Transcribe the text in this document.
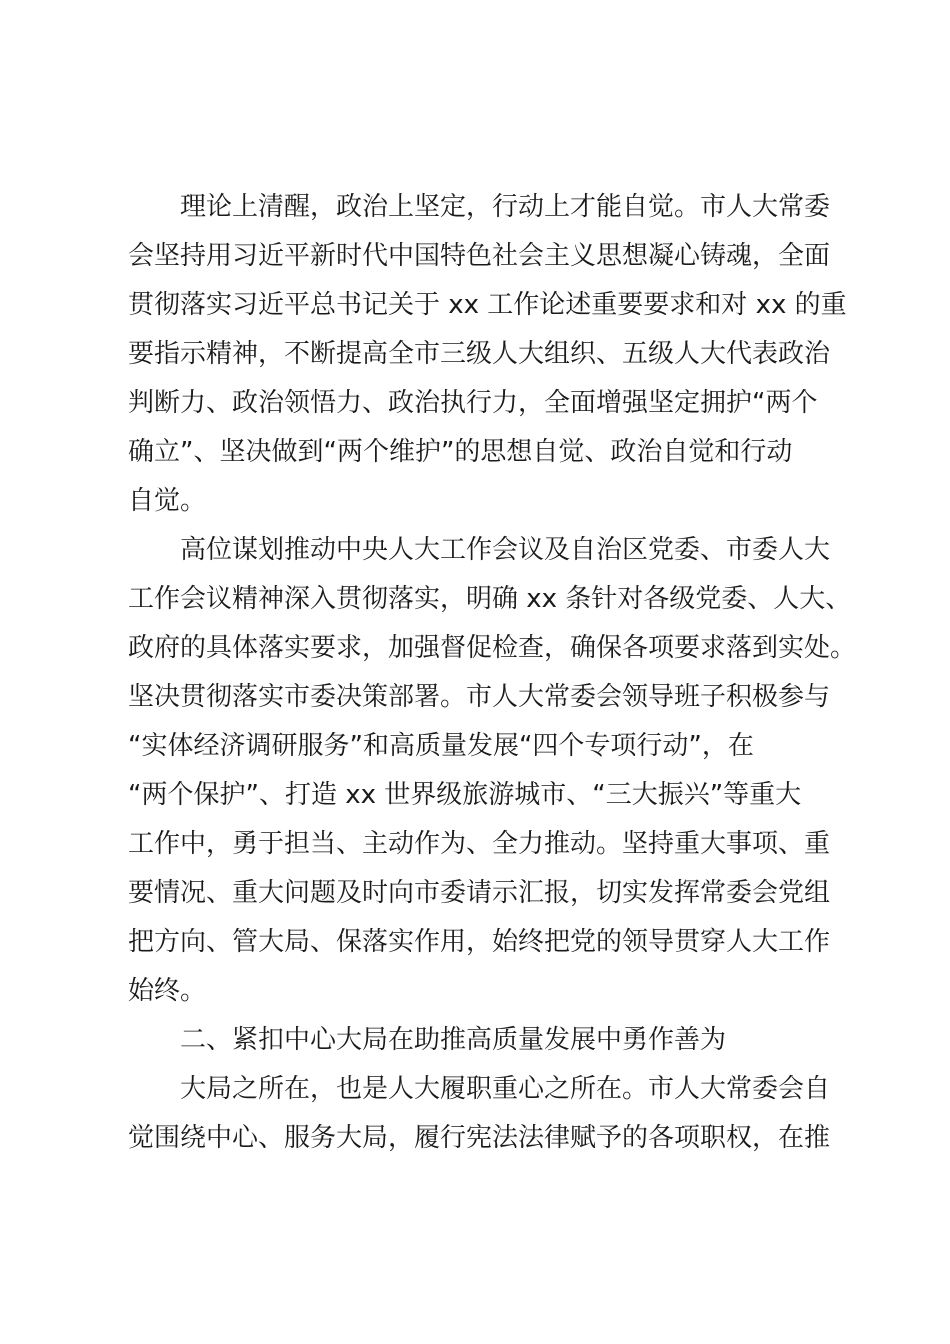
理论上清醒，政治上坚定，行动上才能自觉。市人大常委
会坚持用习近平新时代中国特色社会主义思想凝心铸魂，全面
贯彻落实习近平总书记关于 xx 工作论述重要要求和对 xx 的重
要指示精神，不断提高全市三级人大组织、五级人大代表政治
判断力、政治领悟力、政治执行力，全面增强坚定拥护“两个
确立”、坚决做到“两个维护”的思想自觉、政治自觉和行动
自觉。
高位谋划推动中央人大工作会议及自治区党委、市委人大
工作会议精神深入贯彻落实，明确 xx 条针对各级党委、人大、
政府的具体落实要求，加强督促检查，确保各项要求落到实处。
坚决贯彻落实市委决策部署。市人大常委会领导班子积极参与
“实体经济调研服务”和高质量发展“四个专项行动”，在
“两个保护”、打造 xx 世界级旅游城市、“三大振兴”等重大
工作中，勇于担当、主动作为、全力推动。坚持重大事项、重
要情况、重大问题及时向市委请示汇报，切实发挥常委会党组
把方向、管大局、保落实作用，始终把党的领导贯穿人大工作
始终。
二、紧扣中心大局在助推高质量发展中勇作善为
大局之所在，也是人大履职重心之所在。市人大常委会自
觉围绕中心、服务大局，履行宪法法律赋予的各项职权，在推
